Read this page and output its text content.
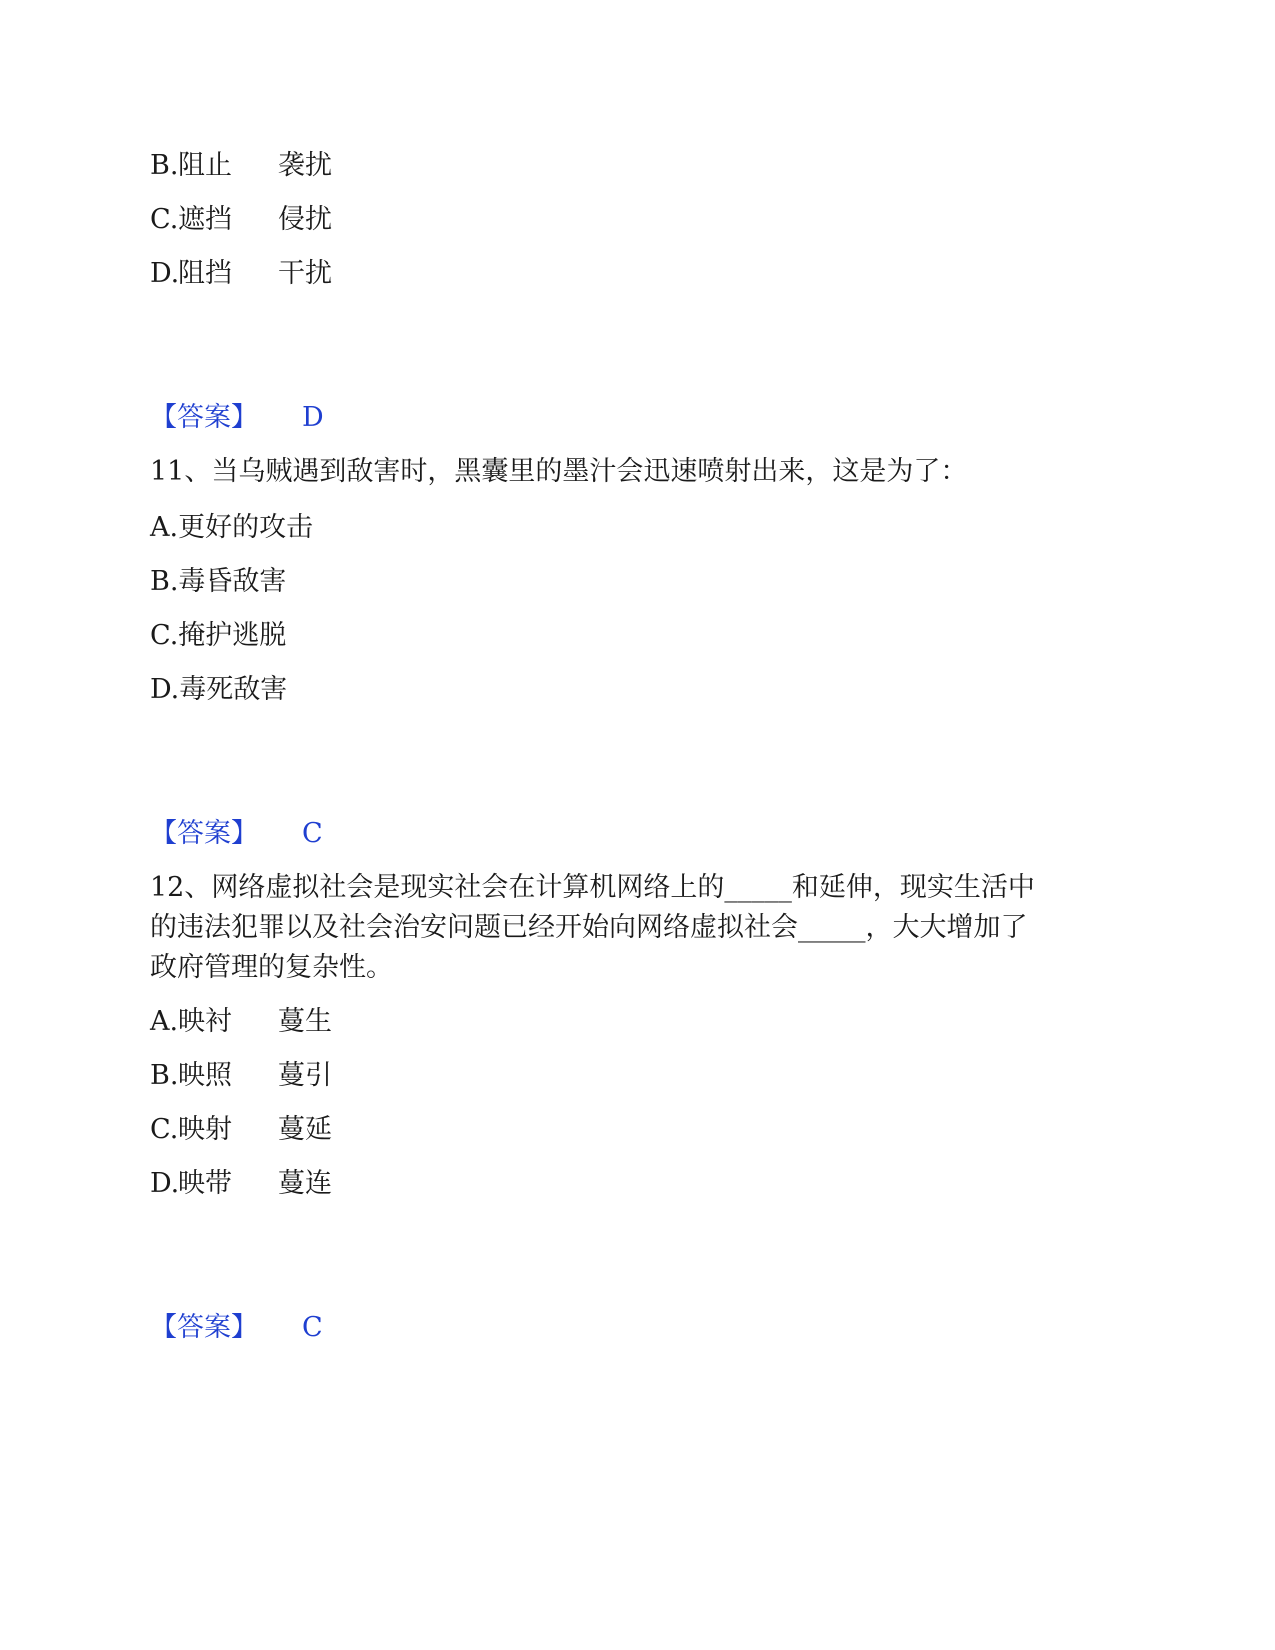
B.阻止 袭扰
C.遮挡 侵扰
D.阻挡 干扰
【答案】 D
11、当乌贼遇到敌害时，黑囊里的墨汁会迅速喷射出来，这是为了：
A.更好的攻击
B.毒昏敌害
C.掩护逃脱
D.毒死敌害
【答案】 C
12、网络虚拟社会是现实社会在计算机网络上的_____和延伸，现实生活中
的违法犯罪以及社会治安问题已经开始向网络虚拟社会_____，大大增加了
政府管理的复杂性。
A.映衬 蔓生
B.映照 蔓引
C.映射 蔓延
D.映带 蔓连
【答案】 C
